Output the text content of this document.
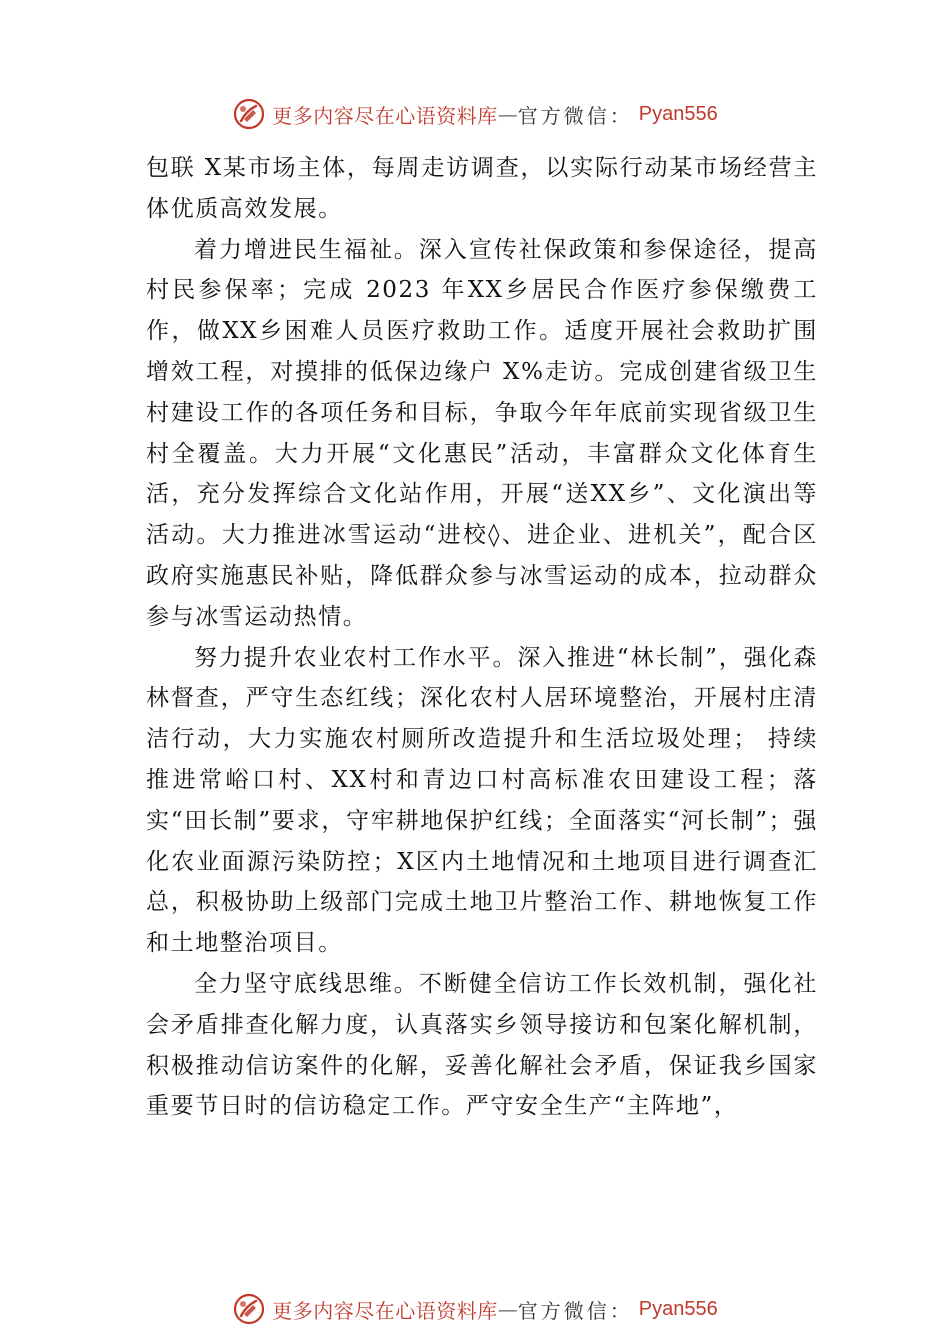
更多内容尽在心语资料库 — 官方微信： Pyan556

包联 X某市场主体，每周走访调查，以实际行动某市场经营主体优质高效发展。

着力增进民生福祉。深入宣传社保政策和参保途径，提高村民参保率；完成 2023 年XX乡居民合作医疗参保缴费工作，做XX乡困难人员医疗救助工作。适度开展社会救助扩围增效工程，对摸排的低保边缘户 X%走访。完成创建省级卫生村建设工作的各项任务和目标，争取今年年底前实现省级卫生村全覆盖。大力开展“文化惠民”活动，丰富群众文化体育生活，充分发挥综合文化站作用，开展“送XX乡”、文化演出等活动。大力推进冰雪运动“进校◊、进企业、进机关”，配合区政府实施惠民补贴，降低群众参与冰雪运动的成本，拉动群众参与冰雪运动热情。

努力提升农业农村工作水平。深入推进“林长制”，强化森林督查，严守生态红线；深化农村人居环境整治，开展村庄清洁行动，大力实施农村厕所改造提升和生活垃圾处理； 持续推进常峪口村、XX村和青边口村高标准农田建设工程；落实“田长制”要求，守牢耕地保护红线；全面落实“河长制”；强化农业面源污染防控；X区内土地情况和土地项目进行调查汇总，积极协助上级部门完成土地卫片整治工作、耕地恢复工作和土地整治项目。

全力坚守底线思维。不断健全信访工作长效机制，强化社会矛盾排查化解力度，认真落实乡领导接访和包案化解机制，积极推动信访案件的化解，妥善化解社会矛盾，保证我乡国家重要节日时的信访稳定工作。严守安全生产“主阵地”，

更多内容尽在心语资料库 — 官方微信： Pyan556
